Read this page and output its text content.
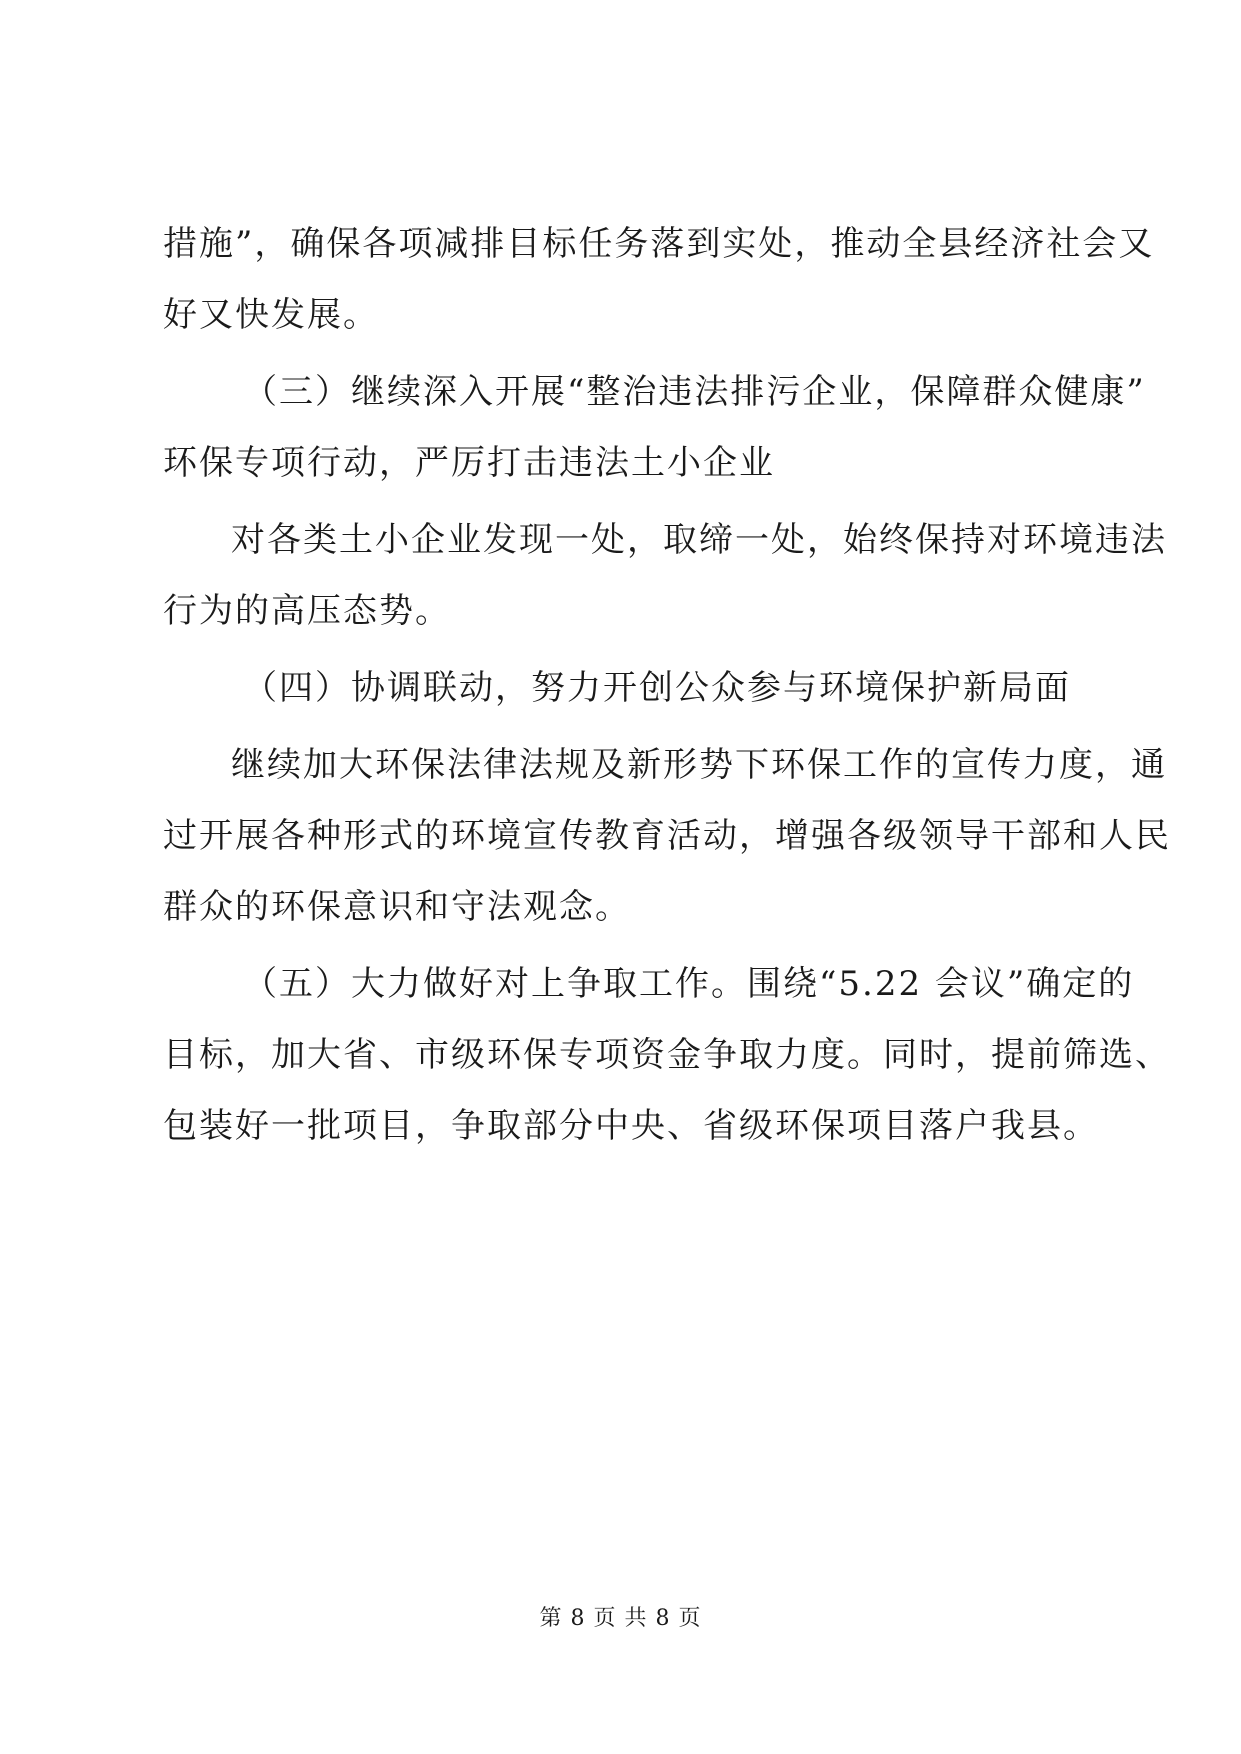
措施”，确保各项减排目标任务落到实处，推动全县经济社会又
好又快发展。
（三）继续深入开展“整治违法排污企业，保障群众健康”
环保专项行动，严厉打击违法土小企业
对各类土小企业发现一处，取缔一处，始终保持对环境违法
行为的高压态势。
（四）协调联动，努力开创公众参与环境保护新局面
继续加大环保法律法规及新形势下环保工作的宣传力度，通
过开展各种形式的环境宣传教育活动，增强各级领导干部和人民
群众的环保意识和守法观念。
（五）大力做好对上争取工作。围绕“5.22 会议”确定的
目标，加大省、市级环保专项资金争取力度。同时，提前筛选、
包装好一批项目，争取部分中央、省级环保项目落户我县。
第 8 页 共 8 页
